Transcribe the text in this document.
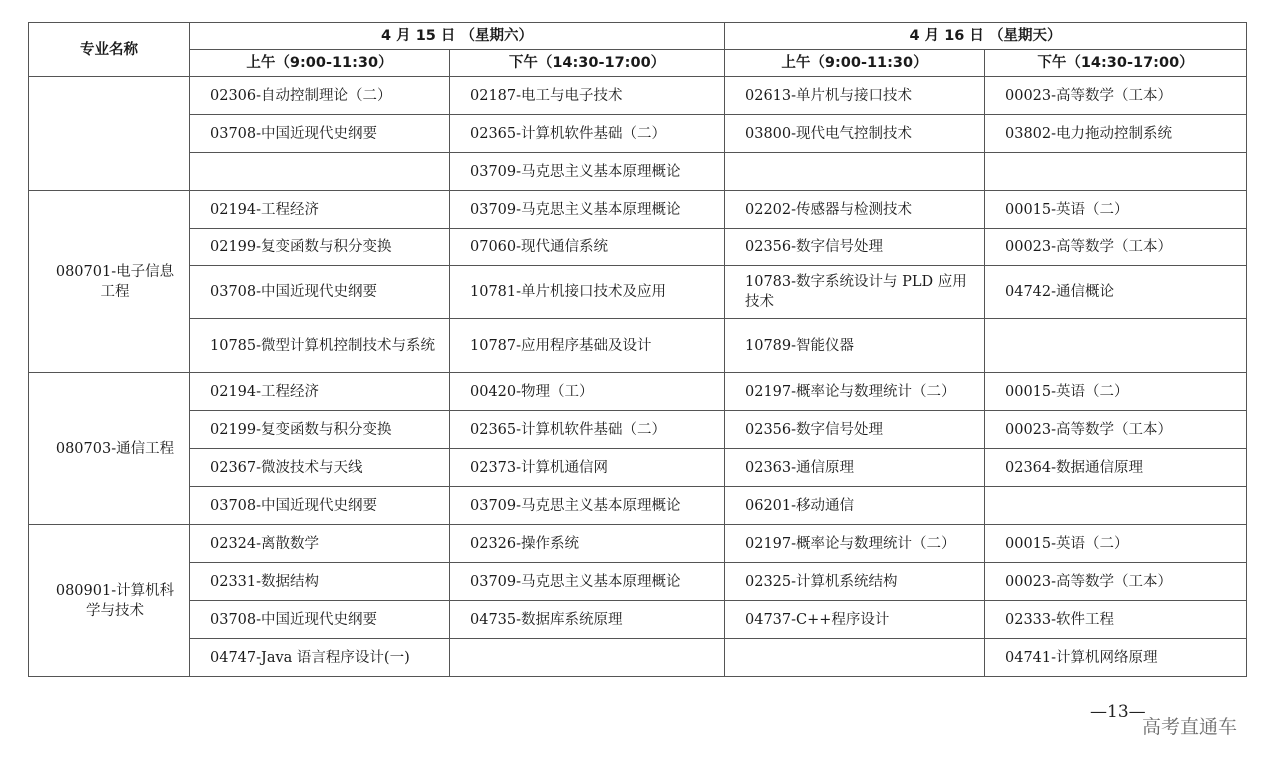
专业名称	4 月 15 日 （星期六）		4 月 16 日 （星期天）	
	上午（9:00-11:30）	下午（14:30-17:00）	上午（9:00-11:30）	下午（14:30-17:00）
	02306-自动控制理论（二）	02187-电工与电子技术	02613-单片机与接口技术	00023-高等数学（工本）
	03708-中国近现代史纲要	02365-计算机软件基础（二）	03800-现代电气控制技术	03802-电力拖动控制系统
		03709-马克思主义基本原理概论		
080701-电子信息工程	02194-工程经济	03709-马克思主义基本原理概论	02202-传感器与检测技术	00015-英语（二）
	02199-复变函数与积分变换	07060-现代通信系统	02356-数字信号处理	00023-高等数学（工本）
	03708-中国近现代史纲要	10781-单片机接口技术及应用	10783-数字系统设计与 PLD 应用技术	04742-通信概论
	10785-微型计算机控制技术与系统	10787-应用程序基础及设计	10789-智能仪器	
080703-通信工程	02194-工程经济	00420-物理（工）	02197-概率论与数理统计（二）	00015-英语（二）
	02199-复变函数与积分变换	02365-计算机软件基础（二）	02356-数字信号处理	00023-高等数学（工本）
	02367-微波技术与天线	02373-计算机通信网	02363-通信原理	02364-数据通信原理
	03708-中国近现代史纲要	03709-马克思主义基本原理概论	06201-移动通信	
080901-计算机科学与技术	02324-离散数学	02326-操作系统	02197-概率论与数理统计（二）	00015-英语（二）
	02331-数据结构	03709-马克思主义基本原理概论	02325-计算机系统结构	00023-高等数学（工本）
	03708-中国近现代史纲要	04735-数据库系统原理	04737-C++程序设计	02333-软件工程
	04747-Java 语言程序设计(一)			04741-计算机网络原理
—13—
高考直通车
